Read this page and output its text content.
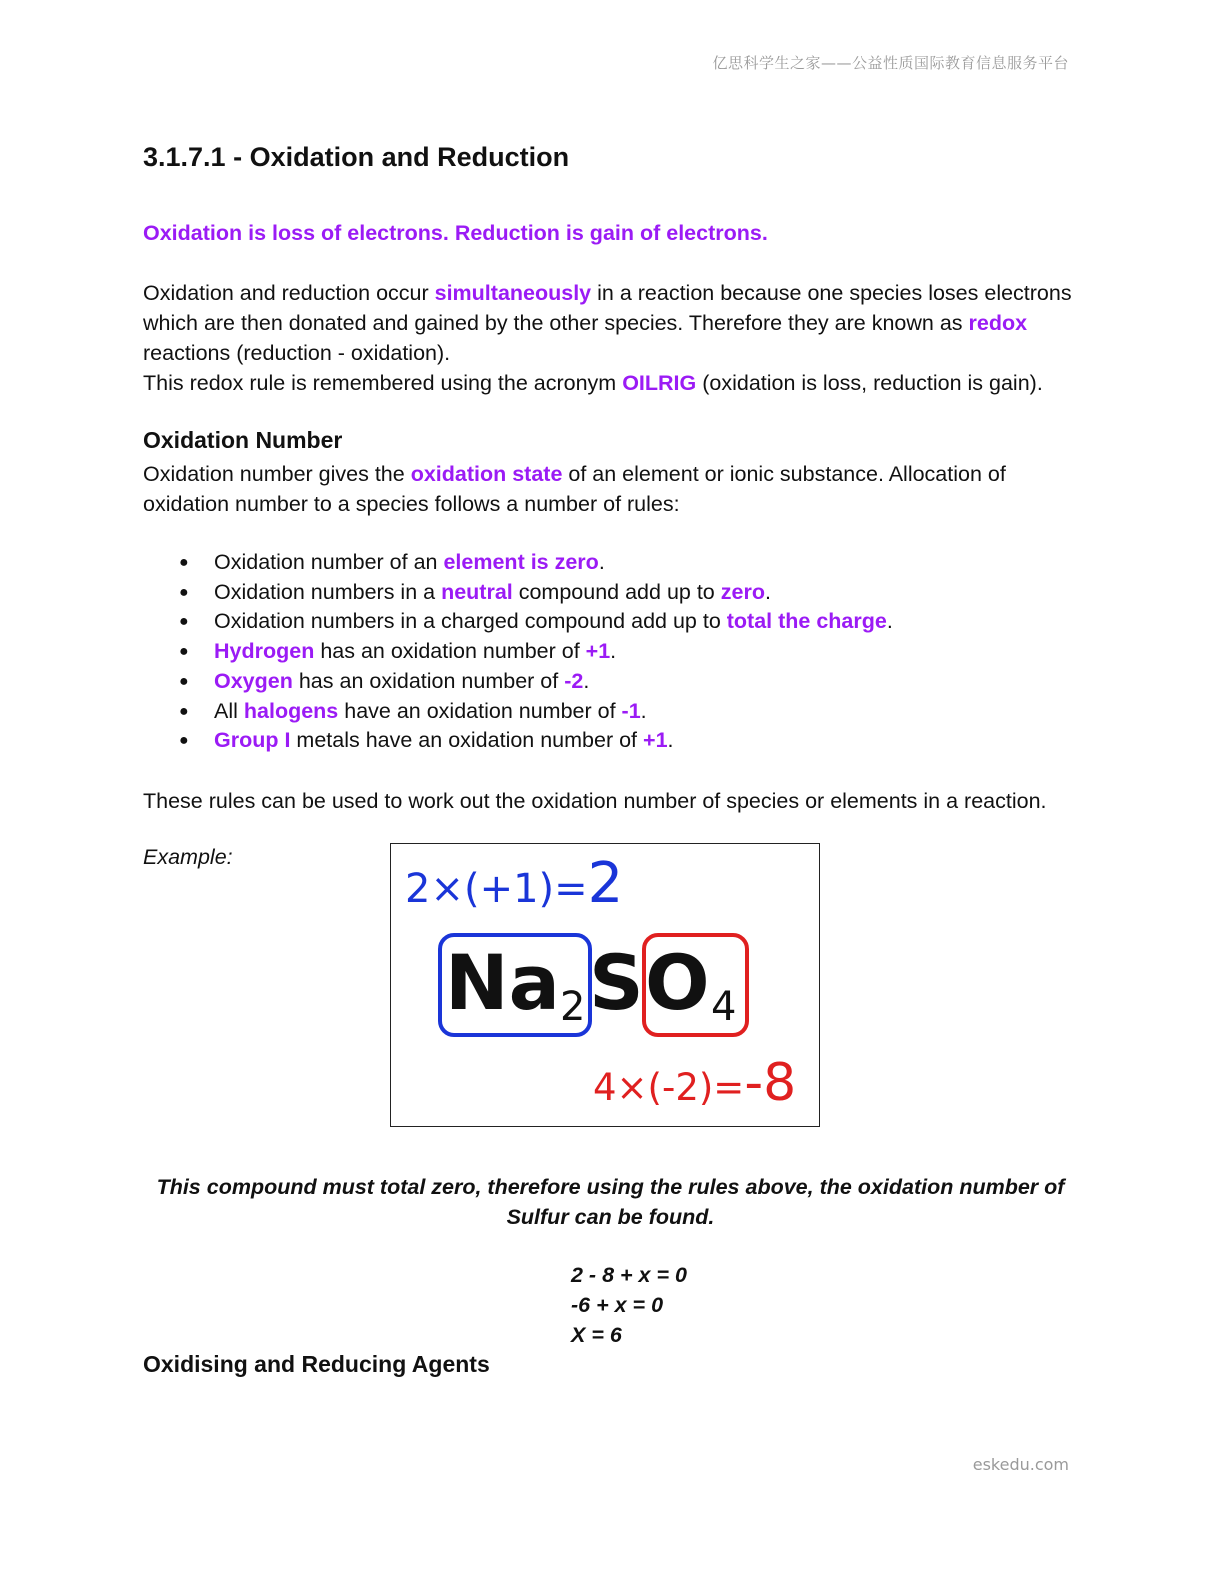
亿思科学生之家——公益性质国际教育信息服务平台
3.1.7.1 - Oxidation and Reduction

Oxidation is loss of electrons. Reduction is gain of electrons.

Oxidation and reduction occur simultaneously in a reaction because one species loses electrons which are then donated and gained by the other species. Therefore they are known as redox reactions (reduction - oxidation).
This redox rule is remembered using the acronym OILRIG (oxidation is loss, reduction is gain).

Oxidation Number

Oxidation number gives the oxidation state of an element or ionic substance. Allocation of oxidation number to a species follows a number of rules:

● Oxidation number of an element is zero.
● Oxidation numbers in a neutral compound add up to zero.
● Oxidation numbers in a charged compound add up to total the charge.
● Hydrogen has an oxidation number of +1.
● Oxygen has an oxidation number of -2.
● All halogens have an oxidation number of -1.
● Group I metals have an oxidation number of +1.

These rules can be used to work out the oxidation number of species or elements in a reaction.

Example:
2×(+1)=2
Na 2 S O 4
4×(-2)=-8
This compound must total zero, therefore using the rules above, the oxidation number of Sulfur can be found.
2 - 8 + x = 0
-6 + x = 0
X = 6
Oxidising and Reducing Agents
eskedu.com
